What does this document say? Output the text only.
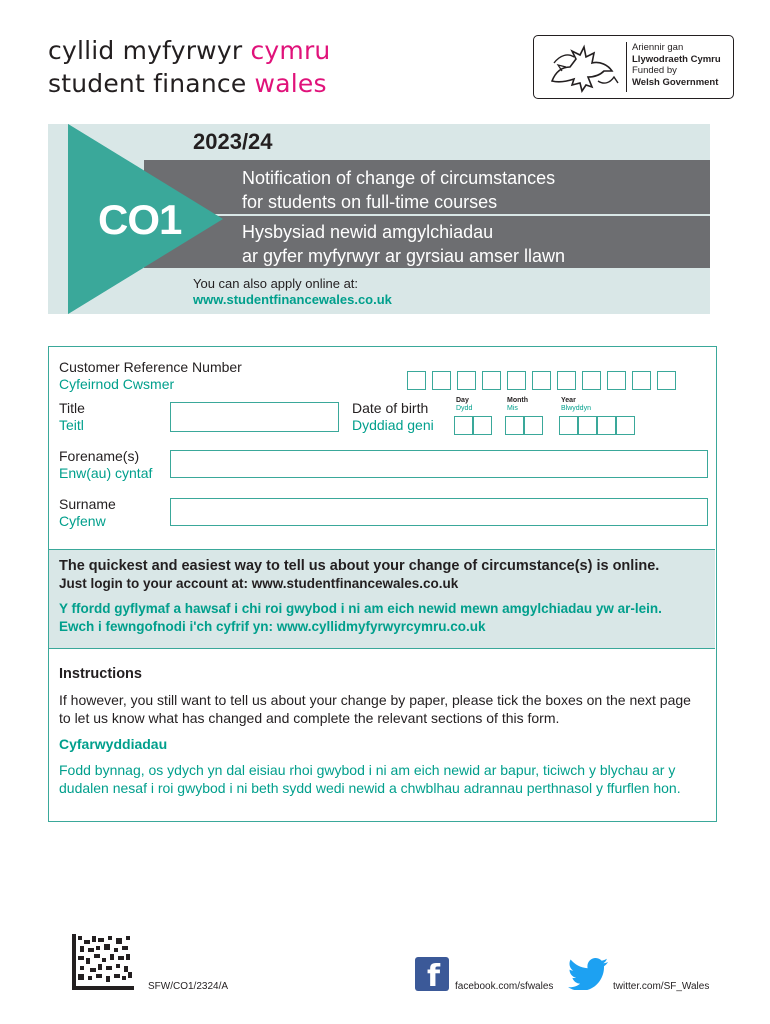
cyllid myfyrwyr cymru
student finance wales
Ariennir gan
Llywodraeth Cymru
Funded by
Welsh Government
2023/24
CO1
Notification of change of circumstances
for students on full-time courses
Hysbysiad newid amgylchiadau
ar gyfer myfyrwyr ar gyrsiau amser llawn
You can also apply online at:
www.studentfinancewales.co.uk
Customer Reference Number
Cyfeirnod Cwsmer
Title
Teitl
Date of birth
Dyddiad geni
Day
Dydd
Month
Mis
Year
Blwyddyn
Forename(s)
Enw(au) cyntaf
Surname
Cyfenw
The quickest and easiest way to tell us about your change of circumstance(s) is online.
Just login to your account at: www.studentfinancewales.co.uk
Y ffordd gyflymaf a hawsaf i chi roi gwybod i ni am eich newid mewn amgylchiadau yw ar-lein.
Ewch i fewngofnodi i'ch cyfrif yn: www.cyllidmyfyrwyrcymru.co.uk
Instructions

If however, you still want to tell us about your change by paper, please tick the boxes on the next page to let us know what has changed and complete the relevant sections of this form.

Cyfarwyddiadau

Fodd bynnag, os ydych yn dal eisiau rhoi gwybod i ni am eich newid ar bapur, ticiwch y blychau ar y dudalen nesaf i roi gwybod i ni beth sydd wedi newid a chwblhau adrannau perthnasol y ffurflen hon.

SFW/CO1/2324/A	f facebook.com/sfwales	twitter.com/SF_Wales
